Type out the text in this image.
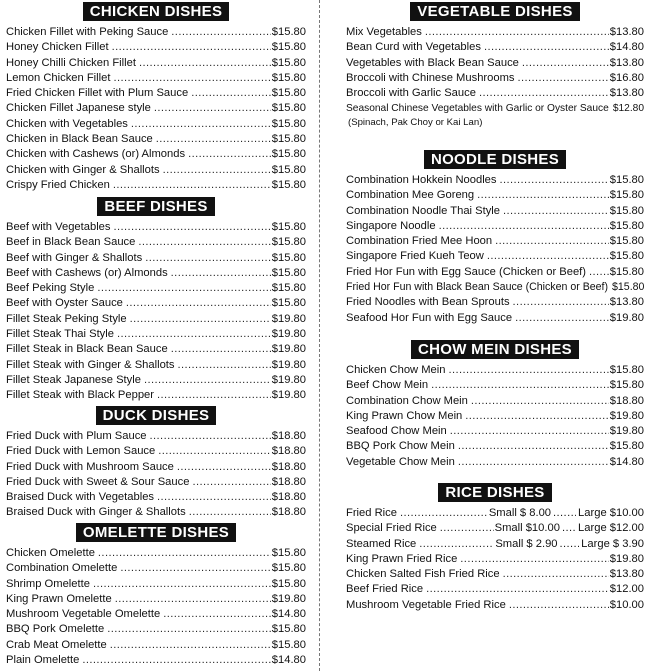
CHICKEN DISHES
Chicken Fillet with Peking Sauce .....	$15.80
Honey Chicken Fillet .....	$15.80
Honey Chilli Chicken Fillet .....	$15.80
Lemon Chicken Fillet .....	$15.80
Fried Chicken Fillet with Plum Sauce .....	$15.80
Chicken Fillet Japanese style .....	$15.80
Chicken with Vegetables .....	$15.80
Chicken in Black Bean Sauce .....	$15.80
Chicken with Cashews (or) Almonds .....	$15.80
Chicken with Ginger & Shallots .....	$15.80
Crispy Fried Chicken .....	$15.80
BEEF DISHES
Beef with Vegetables .....	$15.80
Beef in Black Bean Sauce .....	$15.80
Beef with Ginger & Shallots .....	$15.80
Beef with Cashews (or) Almonds .....	$15.80
Beef Peking Style .....	$15.80
Beef with Oyster Sauce .....	$15.80
Fillet Steak Peking Style .....	$19.80
Fillet Steak Thai Style .....	$19.80
Fillet Steak in Black Bean Sauce .....	$19.80
Fillet Steak with Ginger & Shallots .....	$19.80
Fillet Steak Japanese Style .....	$19.80
Fillet Steak with Black Pepper .....	$19.80
DUCK DISHES
Fried Duck with Plum Sauce .....	$18.80
Fried Duck with Lemon Sauce .....	$18.80
Fried Duck with Mushroom Sauce .....	$18.80
Fried Duck with Sweet & Sour Sauce .....	$18.80
Braised Duck with Vegetables .....	$18.80
Braised Duck with Ginger & Shallots .....	$18.80
OMELETTE DISHES
Chicken Omelette .....	$15.80
Combination Omelette .....	$15.80
Shrimp Omelette .....	$15.80
King Prawn Omelette .....	$19.80
Mushroom Vegetable Omelette .....	$14.80
BBQ Pork Omelette .....	$15.80
Crab Meat Omelette .....	$15.80
Plain Omelette .....	$14.80
VEGETABLE DISHES
Mix Vegetables .....	$13.80
Bean Curd with Vegetables .....	$14.80
Vegetables with Black Bean Sauce .....	$13.80
Broccoli with Chinese Mushrooms .....	$16.80
Broccoli with Garlic Sauce .....	$13.80
Seasonal Chinese Vegetables with Garlic or Oyster Sauce ..... $12.80
(Spinach, Pak Choy or Kai Lan)
NOODLE DISHES
Combination Hokkein Noodles .....	$15.80
Combination Mee Goreng .....	$15.80
Combination Noodle Thai Style .....	$15.80
Singapore Noodle .....	$15.80
Combination Fried Mee Hoon .....	$15.80
Singapore Fried Kueh Teow .....	$15.80
Fried Hor Fun with Egg Sauce (Chicken or Beef) ..... $15.80
Fried Hor Fun with Black Bean Sauce (Chicken or Beef) $15.80
Fried Noodles with Bean Sprouts .....	$13.80
Seafood Hor Fun with Egg Sauce .....	$19.80
CHOW MEIN DISHES
Chicken Chow Mein .....	$15.80
Beef Chow Mein .....	$15.80
Combination Chow Mein .....	$18.80
King Prawn Chow Mein .....	$19.80
Seafood Chow Mein .....	$19.80
BBQ Pork Chow Mein .....	$15.80
Vegetable Chow Mein .....	$14.80
RICE DISHES
Fried Rice .....	Small $ 8.00 ..... Large $10.00
Special Fried Rice .....	Small $10.00 ..... Large $12.00
Steamed Rice .....	Small $ 2.90 ..... Large $ 3.90
King Prawn Fried Rice .....	$19.80
Chicken Salted Fish Fried Rice .....	$13.80
Beef Fried Rice .....	$12.00
Mushroom Vegetable Fried Rice .....	$10.00
